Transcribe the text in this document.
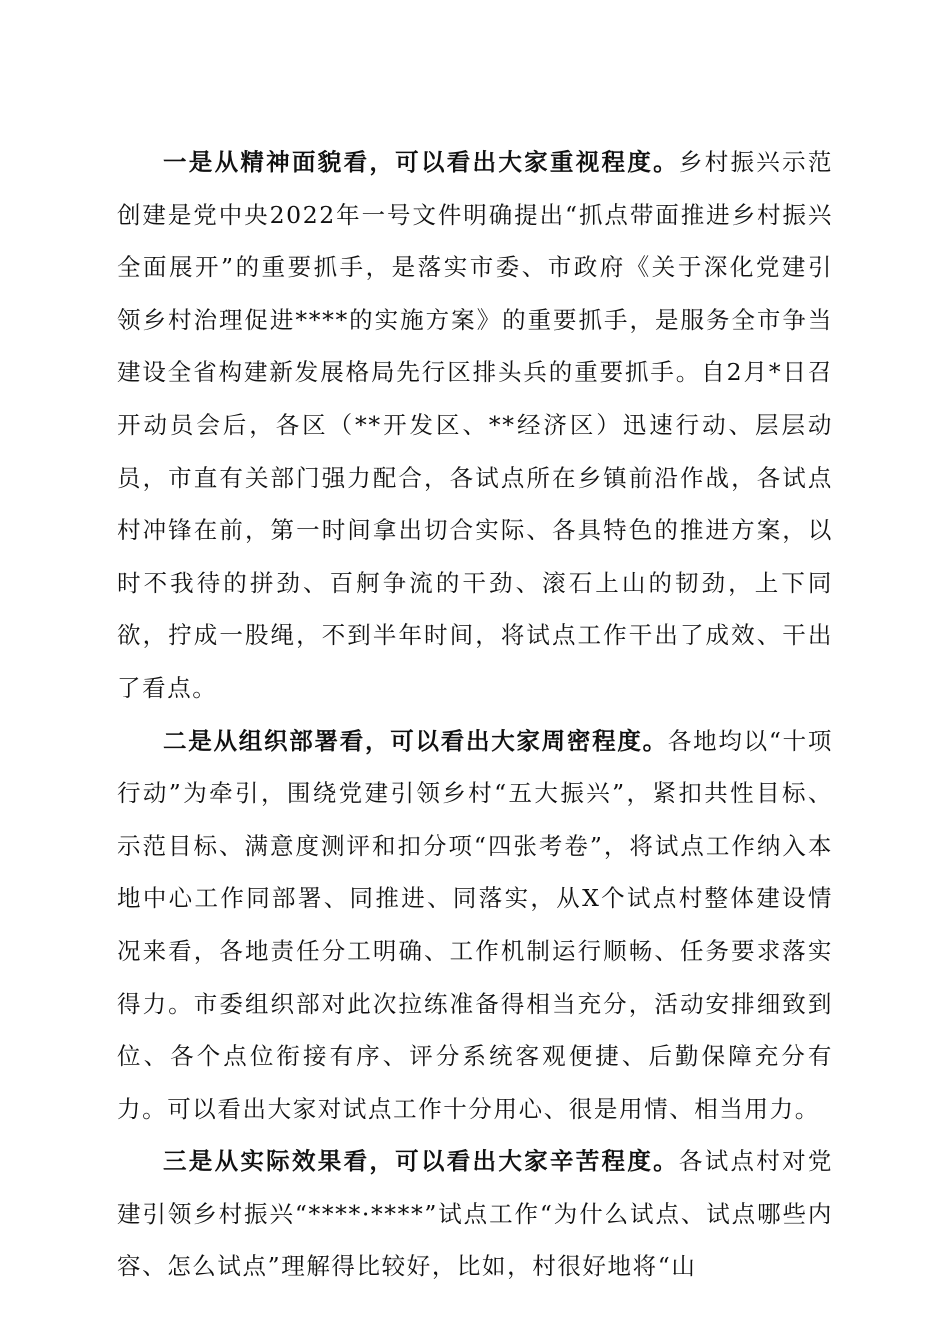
一是从精神面貌看，可以看出大家重视程度。乡村振兴示范创建是党中央2022年一号文件明确提出“抓点带面推进乡村振兴全面展开”的重要抓手，是落实市委、市政府《关于深化党建引领乡村治理促进****的实施方案》的重要抓手，是服务全市争当建设全省构建新发展格局先行区排头兵的重要抓手。自2月*日召开动员会后，各区（**开发区、**经济区）迅速行动、层层动员，市直有关部门强力配合，各试点所在乡镇前沿作战，各试点村冲锋在前，第一时间拿出切合实际、各具特色的推进方案，以时不我待的拼劲、百舸争流的干劲、滚石上山的韧劲，上下同欲，拧成一股绳，不到半年时间，将试点工作干出了成效、干出了看点。

二是从组织部署看，可以看出大家周密程度。各地均以“十项行动”为牵引，围绕党建引领乡村“五大振兴”，紧扣共性目标、示范目标、满意度测评和扣分项“四张考卷”，将试点工作纳入本地中心工作同部署、同推进、同落实，从X个试点村整体建设情况来看，各地责任分工明确、工作机制运行顺畅、任务要求落实得力。市委组织部对此次拉练准备得相当充分，活动安排细致到位、各个点位衔接有序、评分系统客观便捷、后勤保障充分有力。可以看出大家对试点工作十分用心、很是用情、相当用力。

三是从实际效果看，可以看出大家辛苦程度。各试点村对党建引领乡村振兴“****·****”试点工作“为什么试点、试点哪些内容、怎么试点”理解得比较好，比如，村很好地将“山
